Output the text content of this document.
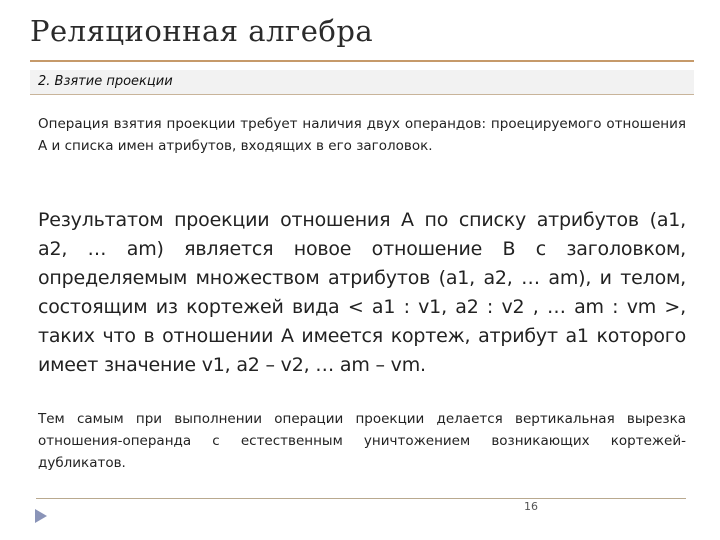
Реляционная алгебра
2. Взятие проекции
Операция взятия проекции требует наличия двух операндов: проецируемого отношения A и списка имен атрибутов, входящих в его заголовок.
Результатом проекции отношения A по списку атрибутов (a1, a2, … am) является новое отношение B с заголовком, определяемым множеством атрибутов (a1, a2, … am), и телом, состоящим из кортежей вида < a1 : v1, a2 : v2 , … am : vm >, таких что в отношении A имеется кортеж, атрибут a1 которого имеет значение v1, a2 – v2, … am – vm.
Тем самым при выполнении операции проекции делается вертикальная вырезка отношения-операнда с естественным уничтожением возникающих кортежей-дубликатов.
16
